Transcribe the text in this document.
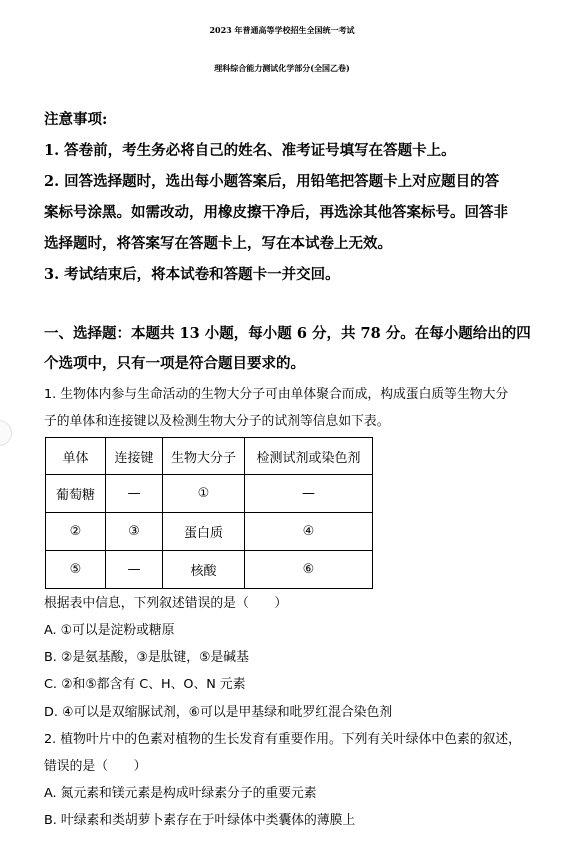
2023 年普通高等学校招生全国统一考试
理科综合能力测试化学部分(全国乙卷)
注意事项:
1. 答卷前，考生务必将自己的姓名、准考证号填写在答题卡上。
2. 回答选择题时，选出每小题答案后，用铅笔把答题卡上对应题目的答
案标号涂黑。如需改动，用橡皮擦干净后，再选涂其他答案标号。回答非
选择题时，将答案写在答题卡上，写在本试卷上无效。
3. 考试结束后，将本试卷和答题卡一并交回。
一、选择题：本题共 13 小题，每小题 6 分，共 78 分。在每小题给出的四
个选项中，只有一项是符合题目要求的。
1. 生物体内参与生命活动的生物大分子可由单体聚合而成，构成蛋白质等生物大分
子的单体和连接键以及检测生物大分子的试剂等信息如下表。
单体	连接键	生物大分子	检测试剂或染色剂
葡萄糖	—	①	—
②	③	蛋白质	④
⑤	—	核酸	⑥
根据表中信息，下列叙述错误的是（　　）
A. ①可以是淀粉或糖原
B. ②是氨基酸，③是肽键，⑤是碱基
C. ②和⑤都含有 C、H、O、N 元素
D. ④可以是双缩脲试剂，⑥可以是甲基绿和吡罗红混合染色剂
2. 植物叶片中的色素对植物的生长发育有重要作用。下列有关叶绿体中色素的叙述，
错误的是（　　）
A. 氮元素和镁元素是构成叶绿素分子的重要元素
B. 叶绿素和类胡萝卜素存在于叶绿体中类囊体的薄膜上
